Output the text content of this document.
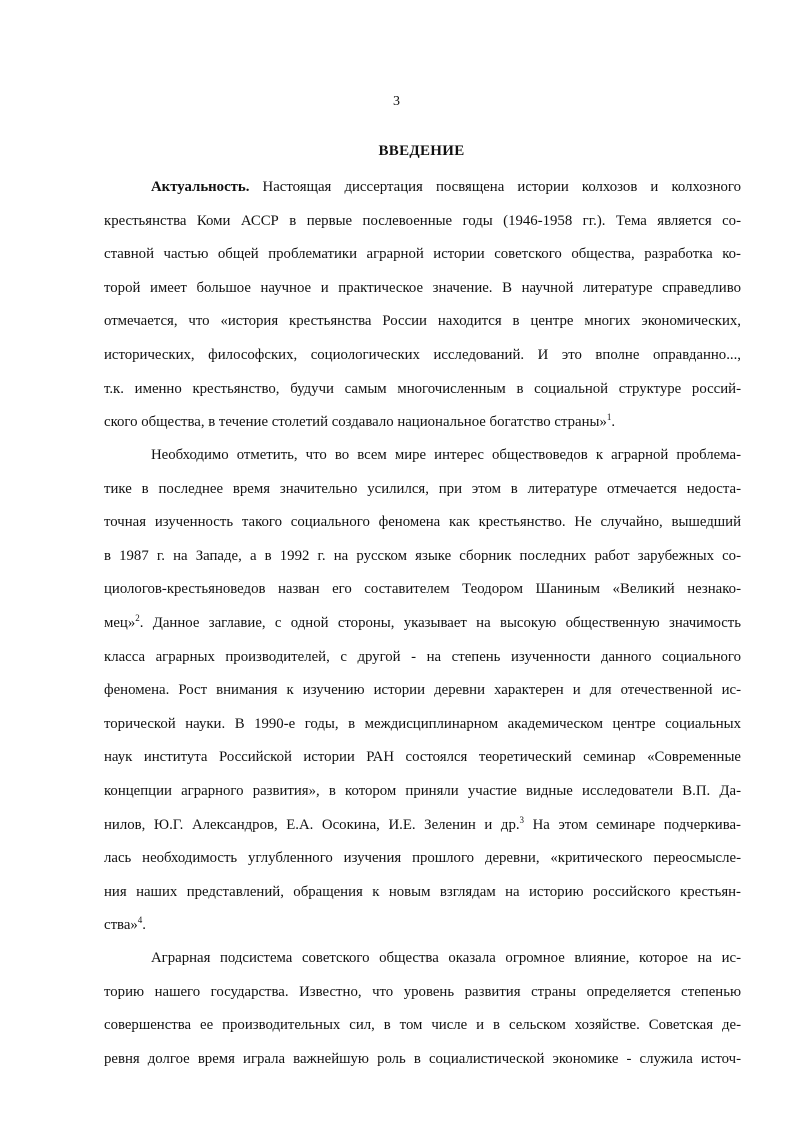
3
ВВЕДЕНИЕ
Актуальность. Настоящая диссертация посвящена истории колхозов и колхозного
крестьянства Коми АССР в первые послевоенные годы (1946-1958 гг.). Тема является со-
ставной частью общей проблематики аграрной истории советского общества, разработка ко-
торой имеет большое научное и практическое значение. В научной литературе справедливо
отмечается, что «история крестьянства России находится в центре многих экономических,
исторических, философских, социологических исследований. И это вполне оправданно...,
т.к. именно крестьянство, будучи самым многочисленным в социальной структуре россий-
ского общества, в течение столетий создавало национальное богатство страны»$^1$.
Необходимо отметить, что во всем мире интерес обществоведов к аграрной проблема-
тике в последнее время значительно усилился, при этом в литературе отмечается недоста-
точная изученность такого социального феномена как крестьянство. Не случайно, вышедший
в 1987 г. на Западе, а в 1992 г. на русском языке сборник последних работ зарубежных со-
циологов-крестьяноведов назван его составителем Теодором Шаниным «Великий незнако-
мец»$^2$. Данное заглавие, с одной стороны, указывает на высокую общественную значимость
класса аграрных производителей, с другой - на степень изученности данного социального
феномена. Рост внимания к изучению истории деревни характерен и для отечественной ис-
торической науки. В 1990-е годы, в междисциплинарном академическом центре социальных
наук института Российской истории РАН состоялся теоретический семинар «Современные
концепции аграрного развития», в котором приняли участие видные исследователи В.П. Да-
нилов, Ю.Г. Александров, Е.А. Осокина, И.Е. Зеленин и др.$^3$ На этом семинаре подчеркива-
лась необходимость углубленного изучения прошлого деревни, «критического переосмысле-
ния наших представлений, обращения к новым взглядам на историю российского крестьян-
ства»$^4$.
Аграрная подсистема советского общества оказала огромное влияние, которое на ис-
торию нашего государства. Известно, что уровень развития страны определяется степенью
совершенства ее производительных сил, в том числе и в сельском хозяйстве. Советская де-
ревня долгое время играла важнейшую роль в социалистической экономике - служила источ-
